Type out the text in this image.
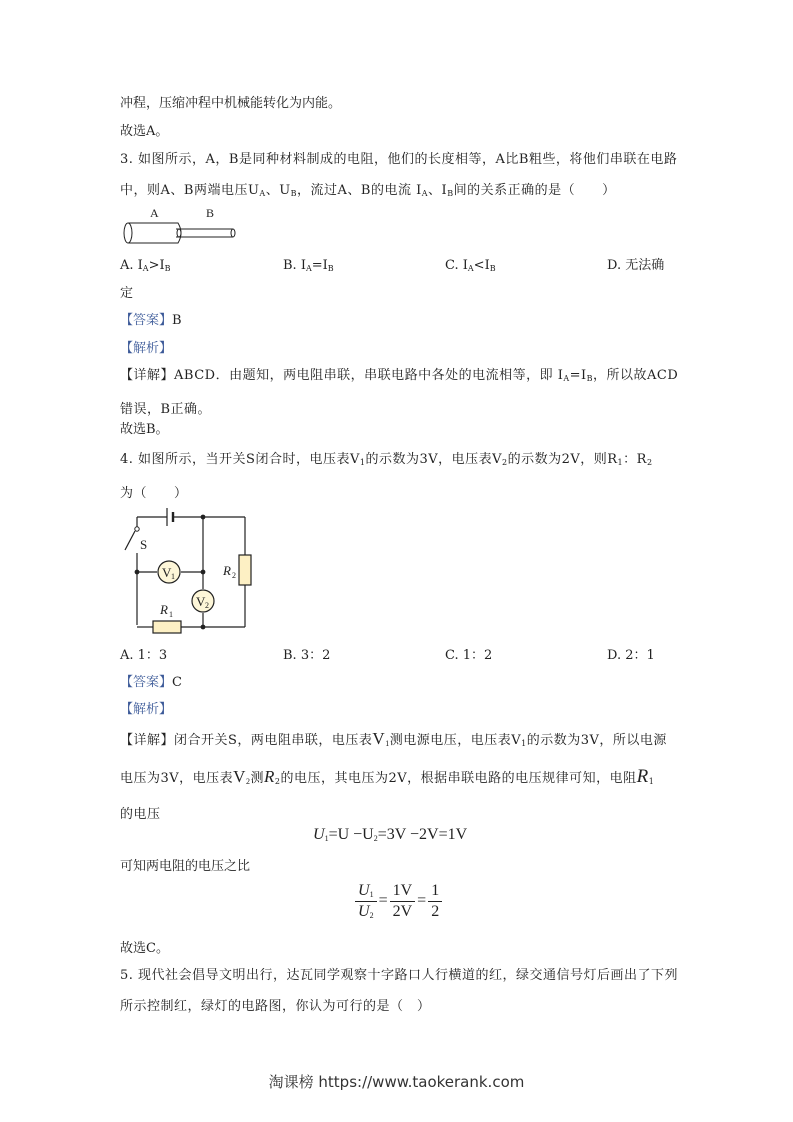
冲程，压缩冲程中机械能转化为内能。
故选A。
3. 如图所示，A，B是同种材料制成的电阻，他们的长度相等，A比B粗些，将他们串联在电路中，则A、B两端电压$U_A$、$U_B$，流过A、B的电流 $I_A$、$I_B$间的关系正确的是（　　）
A	B
A. $I_A>I_B$	B. $I_A=I_B$	C. $I_A<I_B$	D. 无法确
定
【答案】B
【解析】
【详解】ABCD．由题知，两电阻串联，串联电路中各处的电流相等，即 $I_A=I_B$，所以故ACD错误，B正确。
故选B。
4. 如图所示，当开关S闭合时，电压表$V_1$的示数为3V，电压表$V_2$的示数为2V，则$R_1$：$R_2$
为（　　）
V 1
V 2
R 2
R 1
S
A. 1：3	B. 3：2	C. 1：2	D. 2：1
【答案】C
【解析】
【详解】闭合开关S，两电阻串联，电压表$V_1$测电源电压，电压表$V_1$的示数为3V，所以电源电压为3V，电压表$V_2$测$R_2$的电压，其电压为2V，根据串联电路的电压规律可知，电阻$R_1$
的电压
$U_1=U -U_2=3V -2V=1V$
可知两电阻的电压之比
$\frac{U_1}{U_2} = \frac{1V}{2V} = \frac{1}{2}$
故选C。
5. 现代社会倡导文明出行，达瓦同学观察十字路口人行横道的红，绿交通信号灯后画出了下列所示控制红，绿灯的电路图，你认为可行的是（　）
淘课榜 https://www.taokerank.com
